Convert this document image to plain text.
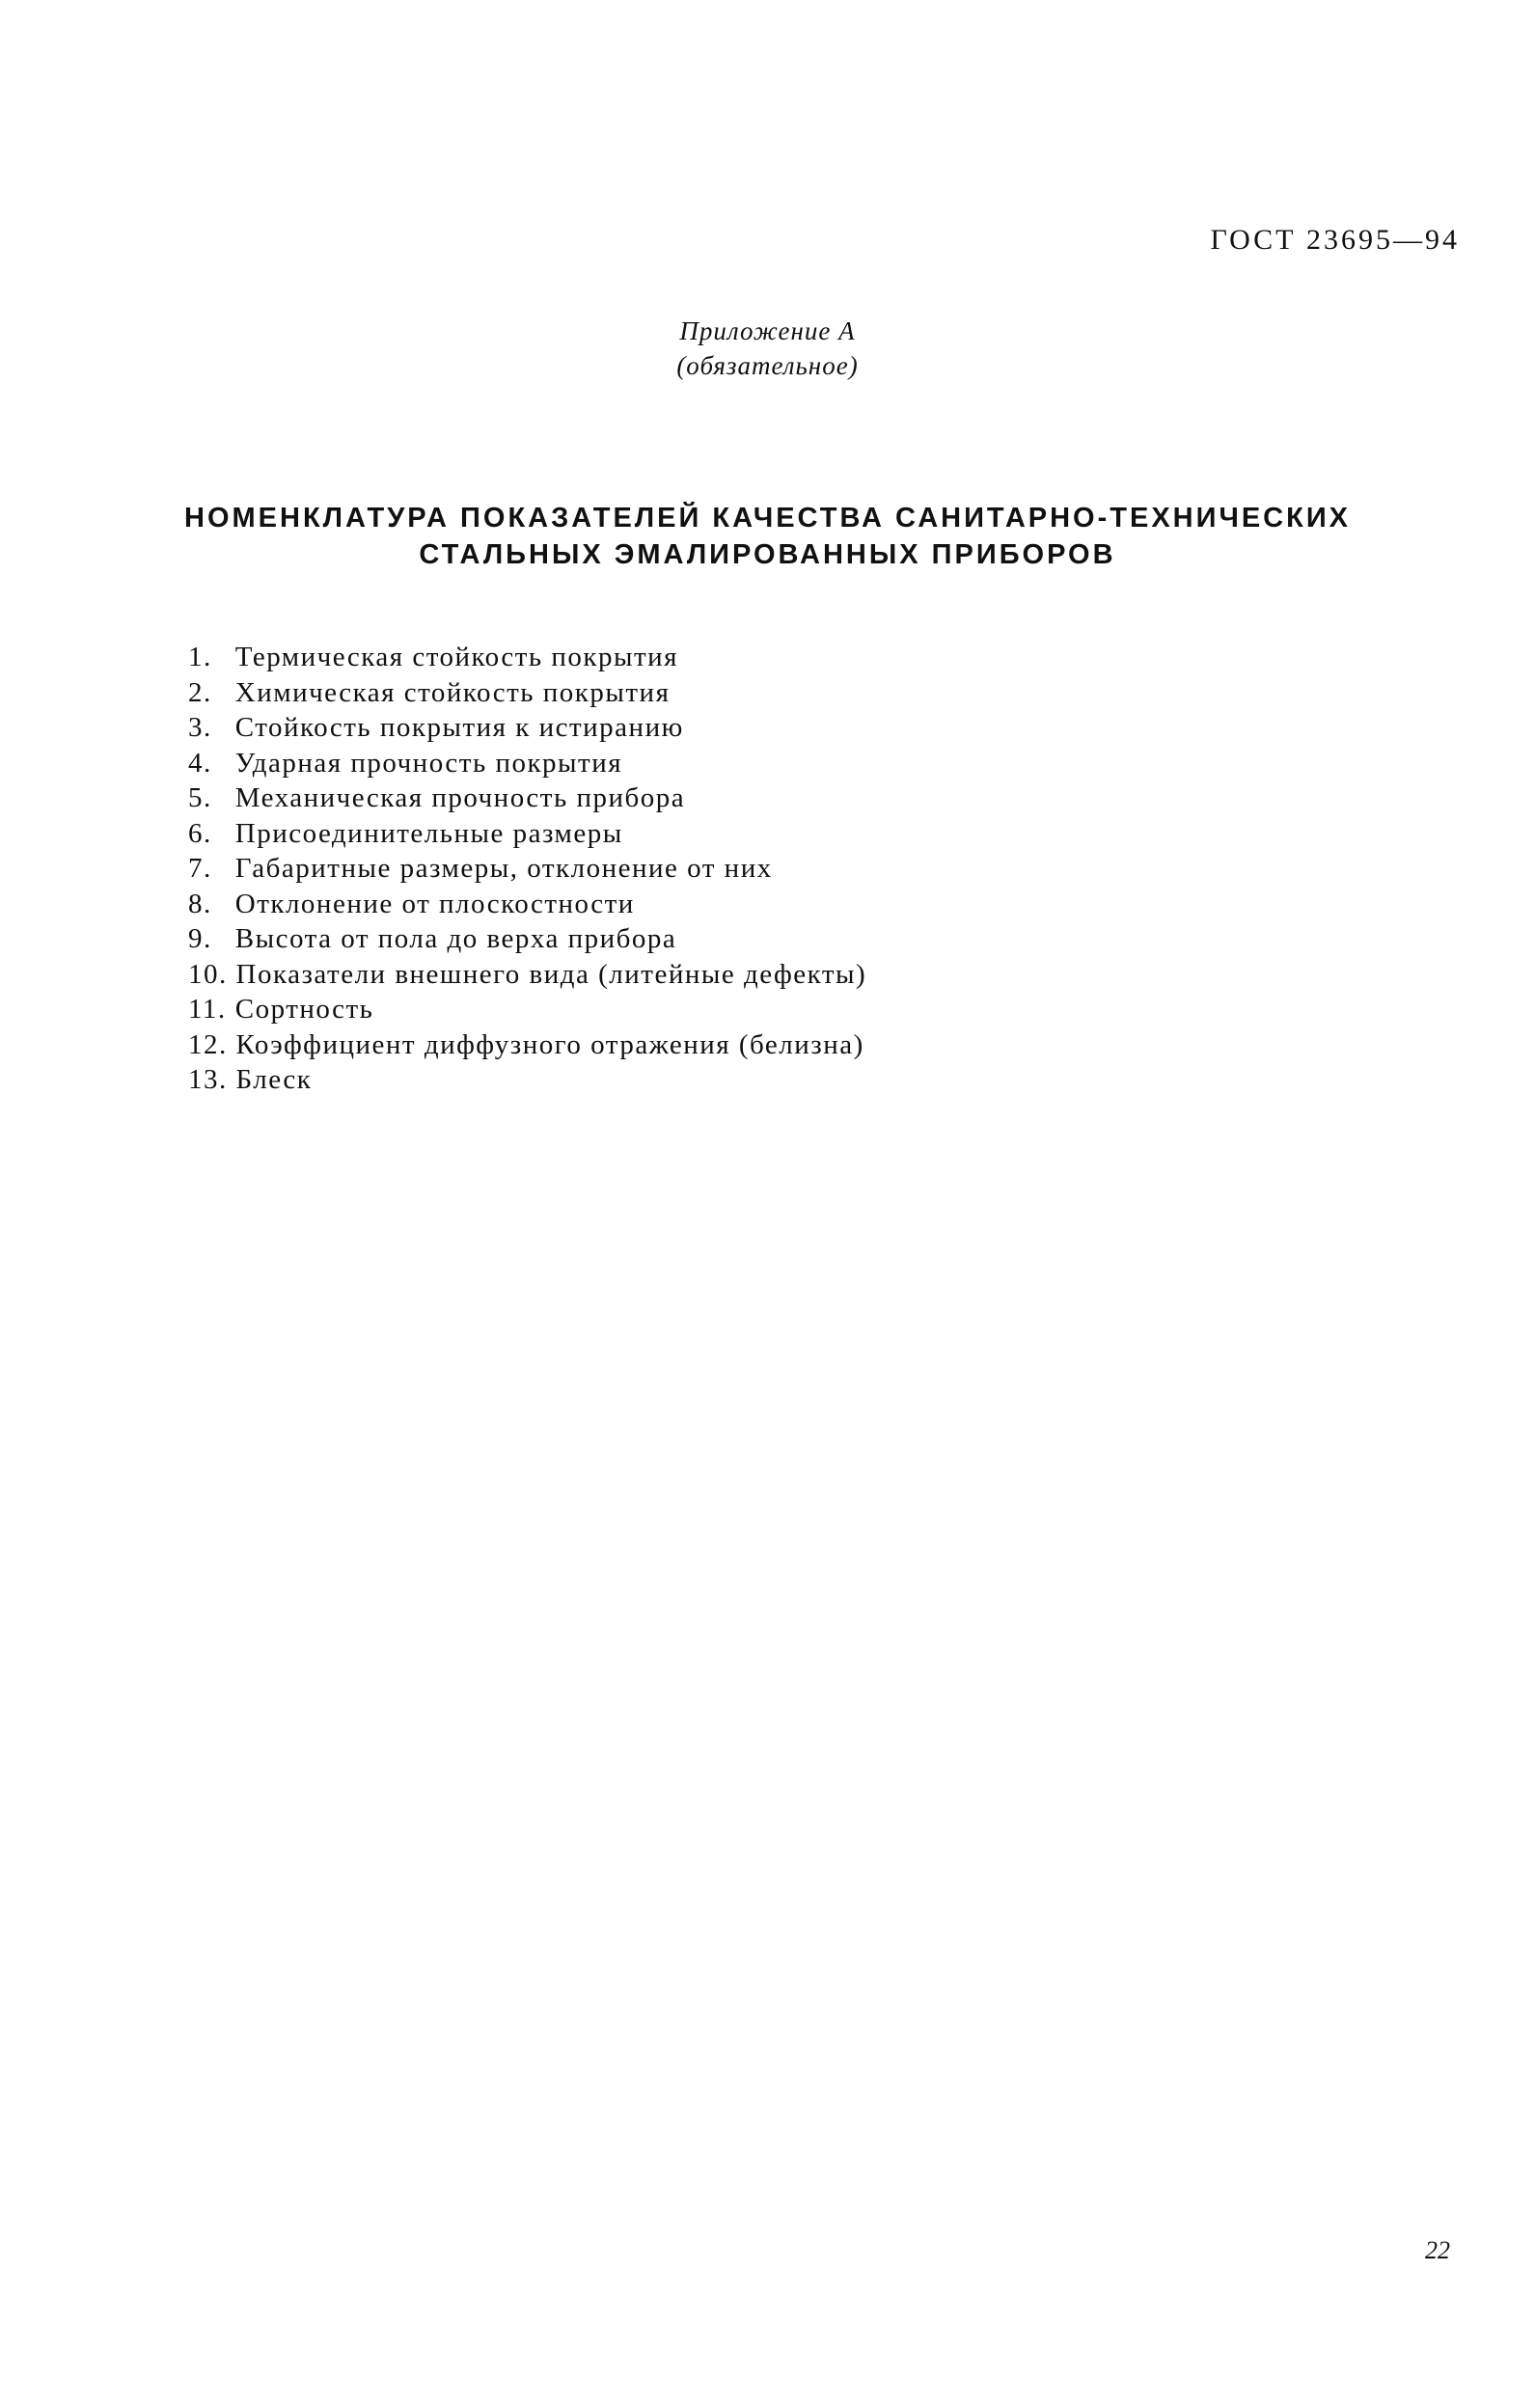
ГОСТ 23695—94
Приложение А
(обязательное)
НОМЕНКЛАТУРА ПОКАЗАТЕЛЕЙ КАЧЕСТВА САНИТАРНО-ТЕХНИЧЕСКИХ
СТАЛЬНЫХ ЭМАЛИРОВАННЫХ ПРИБОРОВ
1. Термическая стойкость покрытия
2. Химическая стойкость покрытия
3. Стойкость покрытия к истиранию
4. Ударная прочность покрытия
5. Механическая прочность прибора
6. Присоединительные размеры
7. Габаритные размеры, отклонение от них
8. Отклонение от плоскостности
9. Высота от пола до верха прибора
10. Показатели внешнего вида (литейные дефекты)
11. Сортность
12. Коэффициент диффузного отражения (белизна)
13. Блеск
22
